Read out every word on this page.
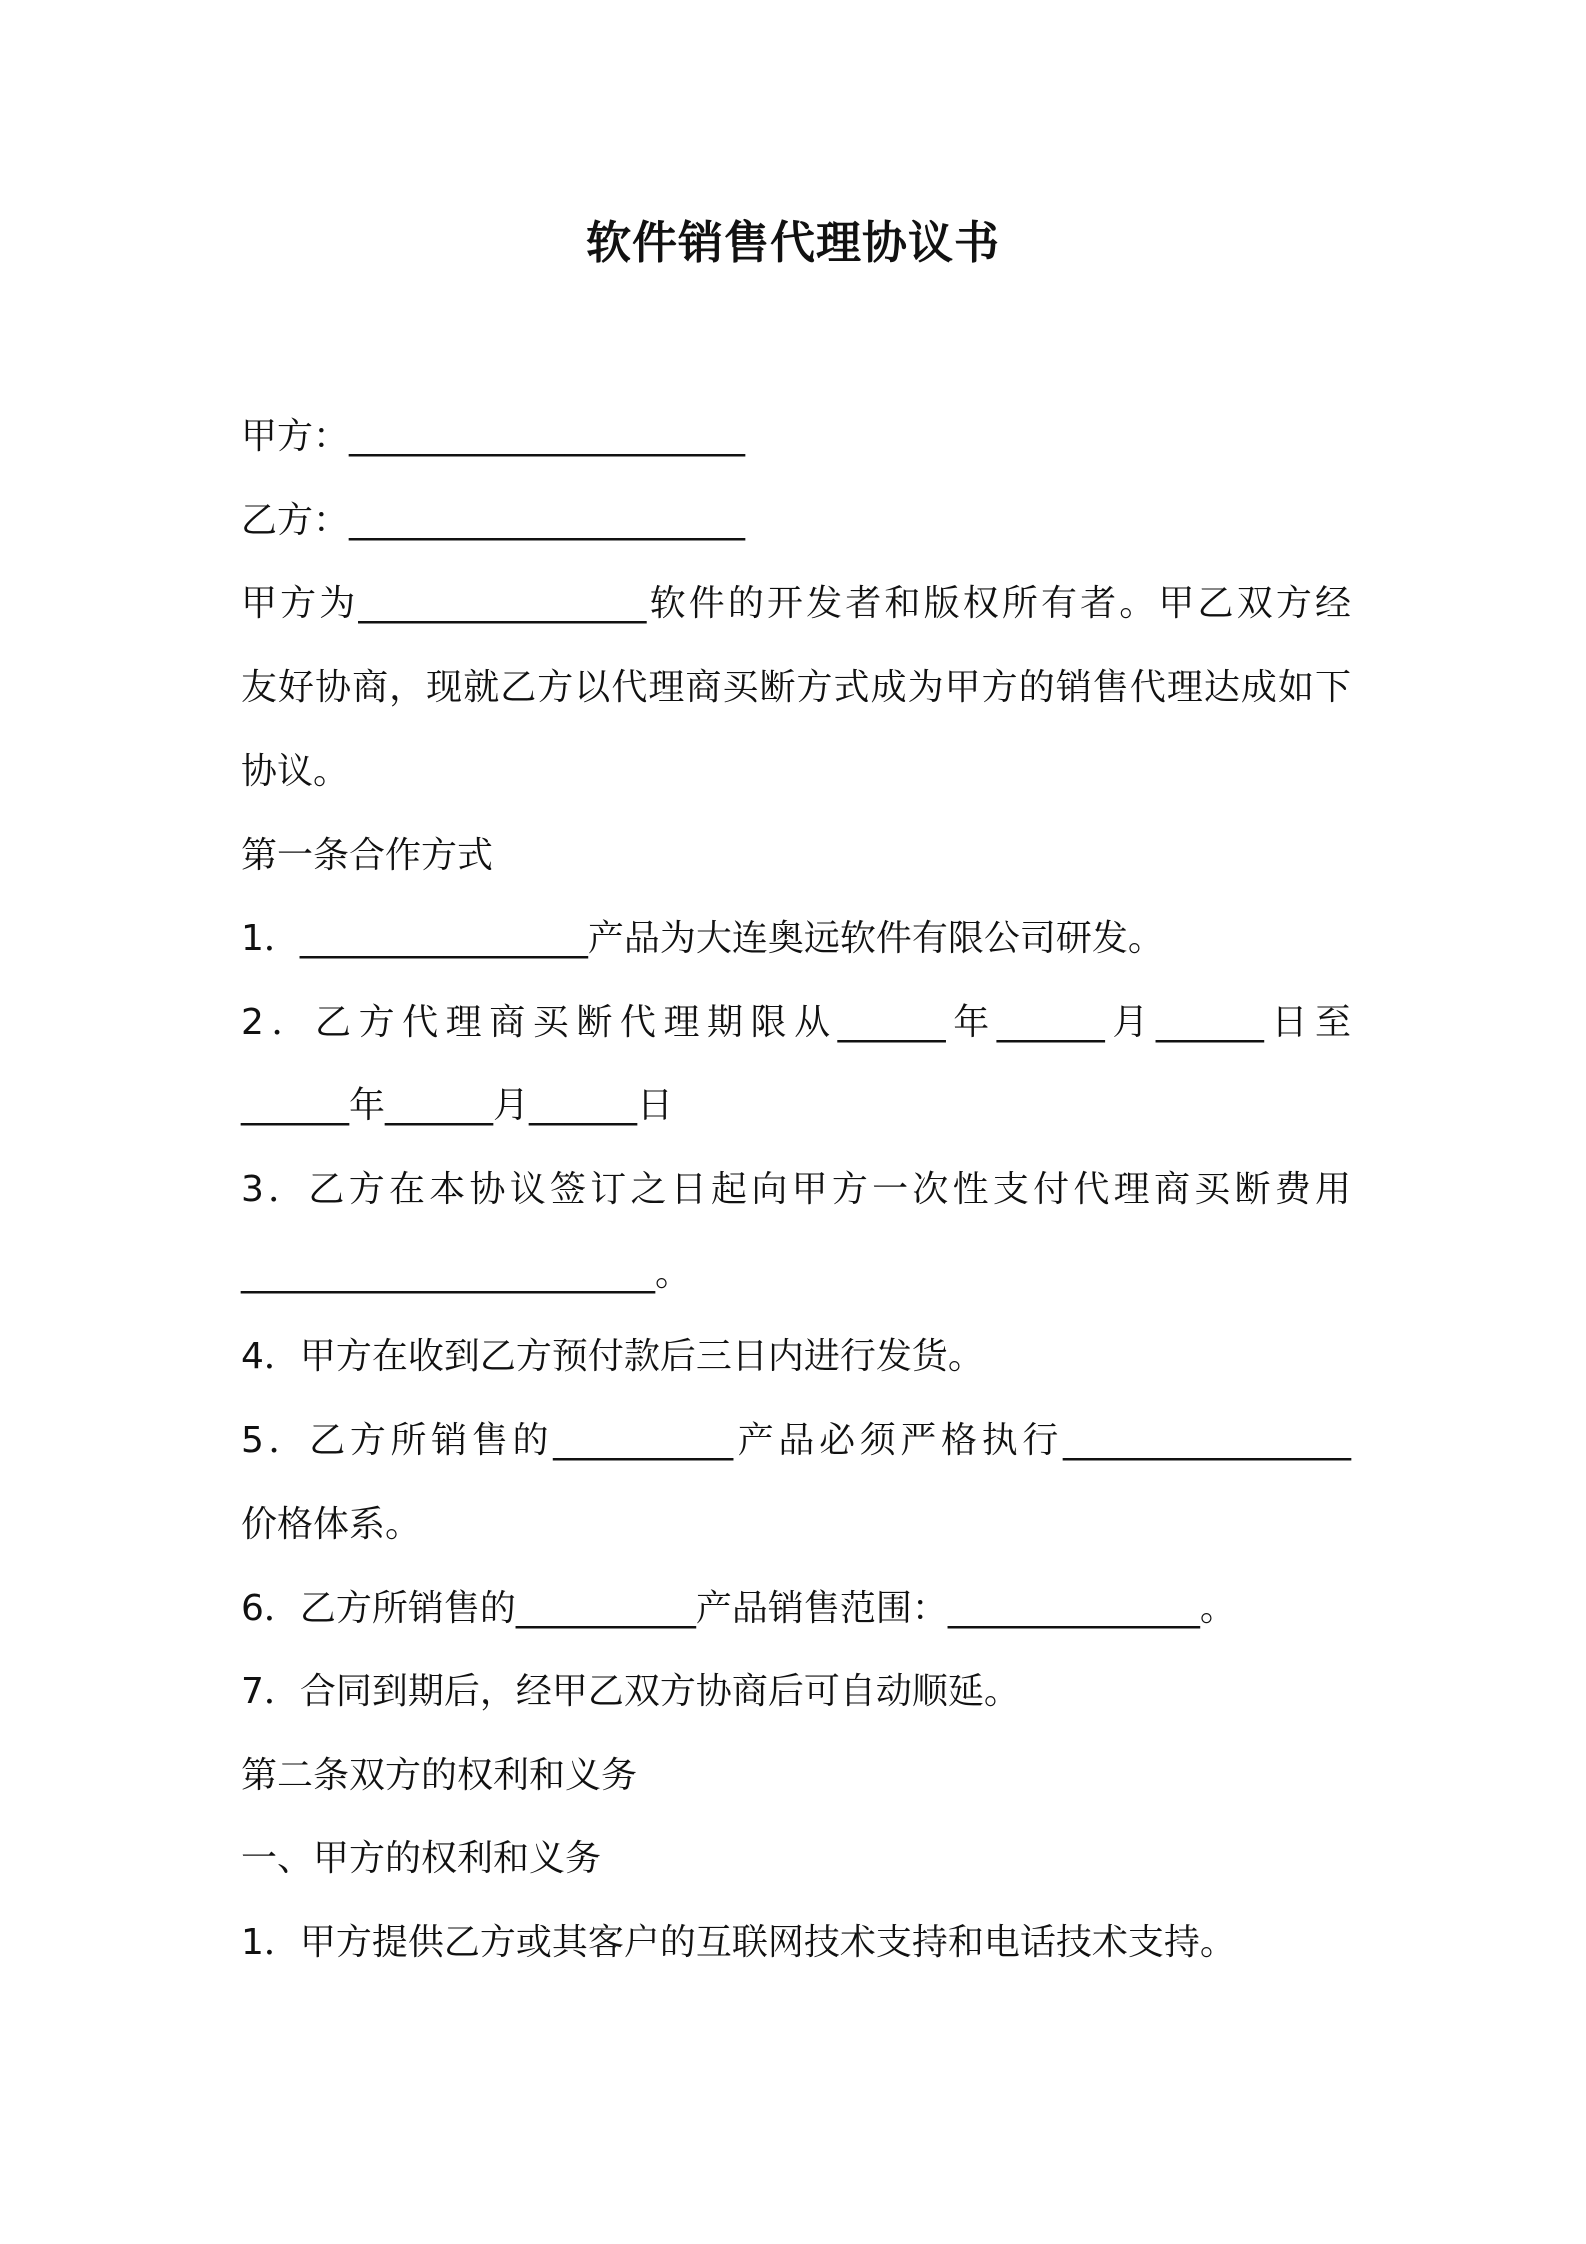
软件销售代理协议书
甲方：______________________
乙方：______________________
甲方为________________软件的开发者和版权所有者。甲乙双方经
友好协商，现就乙方以代理商买断方式成为甲方的销售代理达成如下
协议。
第一条合作方式
1．________________产品为大连奥远软件有限公司研发。
2．乙方代理商买断代理期限从______年______月______日至
______年______月______日
3．乙方在本协议签订之日起向甲方一次性支付代理商买断费用
_______________________。
4．甲方在收到乙方预付款后三日内进行发货。
5．乙方所销售的__________产品必须严格执行________________
价格体系。
6．乙方所销售的__________产品销售范围：______________。
7．合同到期后，经甲乙双方协商后可自动顺延。
第二条双方的权利和义务
一、甲方的权利和义务
1．甲方提供乙方或其客户的互联网技术支持和电话技术支持。
